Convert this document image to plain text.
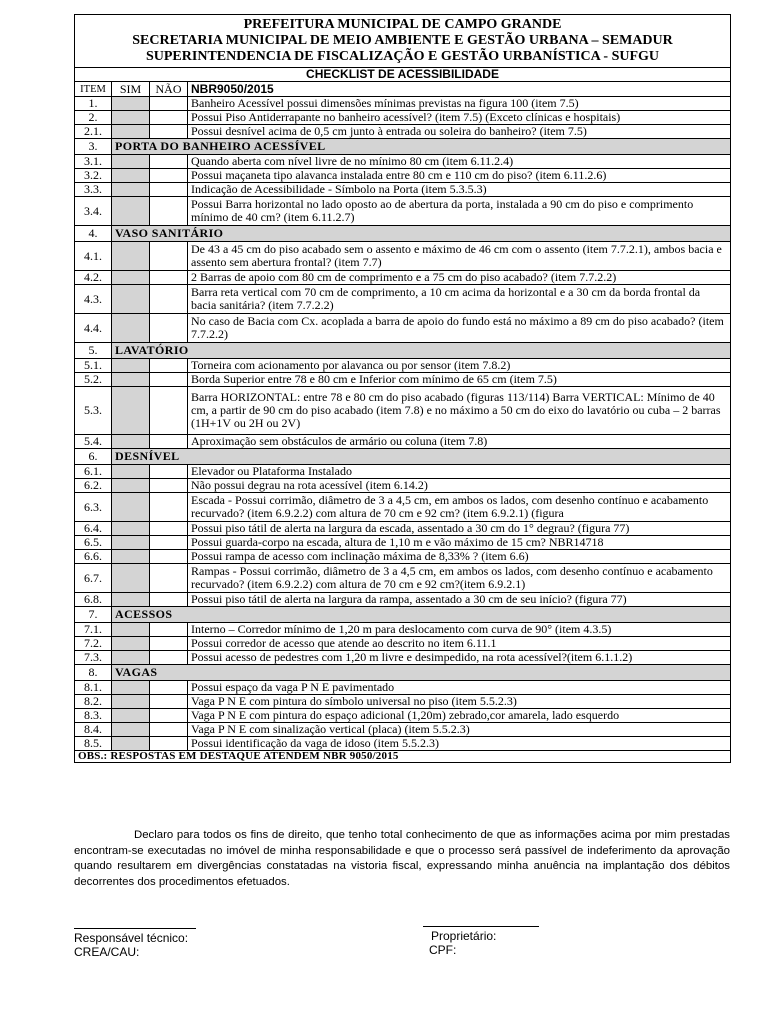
PREFEITURA MUNICIPAL DE CAMPO GRANDE
SECRETARIA MUNICIPAL DE MEIO AMBIENTE E GESTÃO URBANA – SEMADUR
SUPERINTENDENCIA DE FISCALIZAÇÃO E GESTÃO URBANÍSTICA - SUFGU			

CHECKLIST DE ACESSIBILIDADE			
ITEM	SIM	NÃO	NBR9050/2015
1.			Banheiro Acessível possui dimensões mínimas previstas na figura 100 (item 7.5)
2.			Possui Piso Antiderrapante no banheiro acessível? (item 7.5) (Exceto clínicas e hospitais)
2.1.			Possui desnível acima de 0,5 cm junto à entrada ou soleira do banheiro? (item 7.5)
3.	PORTA DO BANHEIRO ACESSÍVEL		
3.1.			Quando aberta com nível livre de no mínimo 80 cm (item 6.11.2.4)
3.2.			Possui maçaneta tipo alavanca instalada entre 80 cm e 110 cm do piso? (item 6.11.2.6)
3.3.			Indicação de Acessibilidade - Símbolo na Porta (item 5.3.5.3)
3.4.			Possui Barra horizontal no lado oposto ao de abertura da porta, instalada a 90 cm do piso e comprimento mínimo de 40 cm? (item 6.11.2.7)
4.	VASO SANITÁRIO		
4.1.			De 43 a 45 cm do piso acabado sem o assento e máximo de 46 cm com o assento (item 7.7.2.1), ambos bacia e assento sem abertura frontal? (item 7.7)
4.2.			2 Barras de apoio com 80 cm de comprimento e a 75 cm do piso acabado? (item 7.7.2.2)
4.3.			Barra reta vertical com 70 cm de comprimento, a 10 cm acima da horizontal e a 30 cm da borda frontal da bacia sanitária? (item 7.7.2.2)
4.4.			No caso de Bacia com Cx. acoplada a barra de apoio do fundo está no máximo a 89 cm do piso acabado? (item 7.7.2.2)
5.	LAVATÓRIO		
5.1.			Torneira com acionamento por alavanca ou por sensor (item 7.8.2)
5.2.			Borda Superior entre 78 e 80 cm e Inferior com mínimo de 65 cm (item 7.5)
5.3.			Barra HORIZONTAL: entre 78 e 80 cm do piso acabado (figuras 113/114) Barra VERTICAL: Mínimo de 40 cm, a partir de 90 cm do piso acabado (item 7.8) e no máximo a 50 cm do eixo do lavatório ou cuba – 2 barras (1H+1V ou 2H ou 2V)
5.4.			Aproximação sem obstáculos de armário ou coluna (item 7.8)
6.	DESNÍVEL		
6.1.			Elevador ou Plataforma Instalado
6.2.			Não possui degrau na rota acessível (item 6.14.2)
6.3.			Escada - Possui corrimão, diâmetro de 3 a 4,5 cm, em ambos os lados, com desenho contínuo e acabamento recurvado? (item 6.9.2.2) com altura de 70 cm e 92 cm? (item 6.9.2.1) (figura
6.4.			Possui piso tátil de alerta na largura da escada, assentado a 30 cm do 1° degrau? (figura 77)
6.5.			Possui guarda-corpo na escada, altura de 1,10 m e vão máximo de 15 cm? NBR14718
6.6.			Possui rampa de acesso com inclinação máxima de 8,33% ? (item 6.6)
6.7.			Rampas - Possui corrimão, diâmetro de 3 a 4,5 cm, em ambos os lados, com desenho contínuo e acabamento recurvado? (item 6.9.2.2) com altura de 70 cm e 92 cm?(item 6.9.2.1)
6.8.			Possui piso tátil de alerta na largura da rampa, assentado a 30 cm de seu início? (figura 77)
7.	ACESSOS		
7.1.			Interno – Corredor mínimo de 1,20 m para deslocamento com curva de 90° (item 4.3.5)
7.2.			Possui corredor de acesso que atende ao descrito no item 6.11.1
7.3.			Possui acesso de pedestres com 1,20 m livre e desimpedido, na rota acessível?(item 6.1.1.2)
8.	VAGAS		
8.1.			Possui espaço da vaga P N E pavimentado
8.2.			Vaga P N E com pintura do símbolo universal no piso (item 5.5.2.3)
8.3.			Vaga P N E com pintura do espaço adicional (1,20m) zebrado,cor amarela, lado esquerdo
8.4.			Vaga P N E com sinalização vertical (placa) (item 5.5.2.3)
8.5.			Possui identificação da vaga de idoso (item 5.5.2.3)
OBS.: RESPOSTAS EM DESTAQUE ATENDEM NBR 9050/2015			
Declaro para todos os fins de direito, que tenho total conhecimento de que as informações acima por mim prestadas encontram-se executadas no imóvel de minha responsabilidade e que o processo será passível de indeferimento da aprovação quando resultarem em divergências constatadas na vistoria fiscal, expressando minha anuência na implantação dos débitos decorrentes dos procedimentos efetuados.
Responsável técnico:
CREA/CAU:
Proprietário:
CPF:
